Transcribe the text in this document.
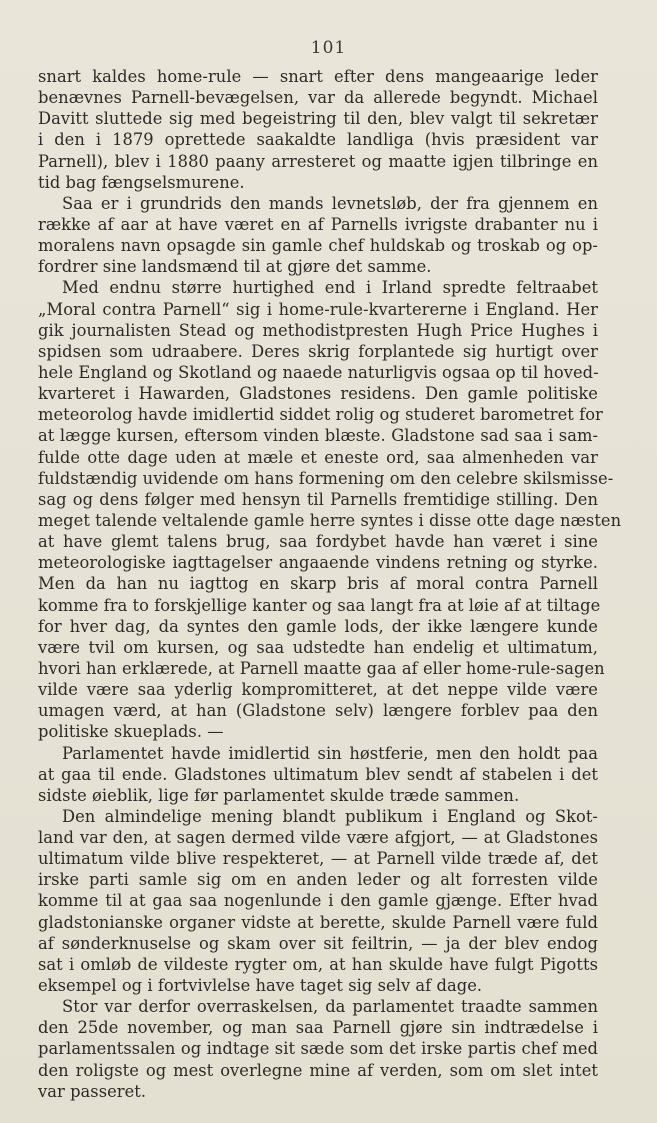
101
snart kaldes home-rule — snart efter dens mangeaarige leder
benævnes Parnell-bevægelsen, var da allerede begyndt. Michael
Davitt sluttede sig med begeistring til den, blev valgt til sekretær
i den i 1879 oprettede saakaldte landliga (hvis præsident var
Parnell), blev i 1880 paany arresteret og maatte igjen tilbringe en
tid bag fængselsmurene.
Saa er i grundrids den mands levnetsløb, der fra gjennem en
række af aar at have været en af Parnells ivrigste drabanter nu i
moralens navn opsagde sin gamle chef huldskab og troskab og op-
fordrer sine landsmænd til at gjøre det samme.
Med endnu større hurtighed end i Irland spredte feltraabet
„Moral contra Parnell“ sig i home-rule-kvartererne i England. Her
gik journalisten Stead og methodistpresten Hugh Price Hughes i
spidsen som udraabere. Deres skrig forplantede sig hurtigt over
hele England og Skotland og naaede naturligvis ogsaa op til hoved-
kvarteret i Hawarden, Gladstones residens. Den gamle politiske
meteorolog havde imidlertid siddet rolig og studeret barometret for
at lægge kursen, eftersom vinden blæste. Gladstone sad saa i sam-
fulde otte dage uden at mæle et eneste ord, saa almenheden var
fuldstændig uvidende om hans formening om den celebre skilsmisse-
sag og dens følger med hensyn til Parnells fremtidige stilling. Den
meget talende veltalende gamle herre syntes i disse otte dage næsten
at have glemt talens brug, saa fordybet havde han været i sine
meteorologiske iagttagelser angaaende vindens retning og styrke.
Men da han nu iagttog en skarp bris af moral contra Parnell
komme fra to forskjellige kanter og saa langt fra at løie af at tiltage
for hver dag, da syntes den gamle lods, der ikke længere kunde
være tvil om kursen, og saa udstedte han endelig et ultimatum,
hvori han erklærede, at Parnell maatte gaa af eller home-rule-sagen
vilde være saa yderlig kompromitteret, at det neppe vilde være
umagen værd, at han (Gladstone selv) længere forblev paa den
politiske skueplads. —
Parlamentet havde imidlertid sin høstferie, men den holdt paa
at gaa til ende. Gladstones ultimatum blev sendt af stabelen i det
sidste øieblik, lige før parlamentet skulde træde sammen.
Den almindelige mening blandt publikum i England og Skot-
land var den, at sagen dermed vilde være afgjort, — at Gladstones
ultimatum vilde blive respekteret, — at Parnell vilde træde af, det
irske parti samle sig om en anden leder og alt forresten vilde
komme til at gaa saa nogenlunde i den gamle gjænge. Efter hvad
gladstonianske organer vidste at berette, skulde Parnell være fuld
af sønderknuselse og skam over sit feiltrin, — ja der blev endog
sat i omløb de vildeste rygter om, at han skulde have fulgt Pigotts
eksempel og i fortvivlelse have taget sig selv af dage.
Stor var derfor overraskelsen, da parlamentet traadte sammen
den 25de november, og man saa Parnell gjøre sin indtrædelse i
parlamentssalen og indtage sit sæde som det irske partis chef med
den roligste og mest overlegne mine af verden, som om slet intet
var passeret.
